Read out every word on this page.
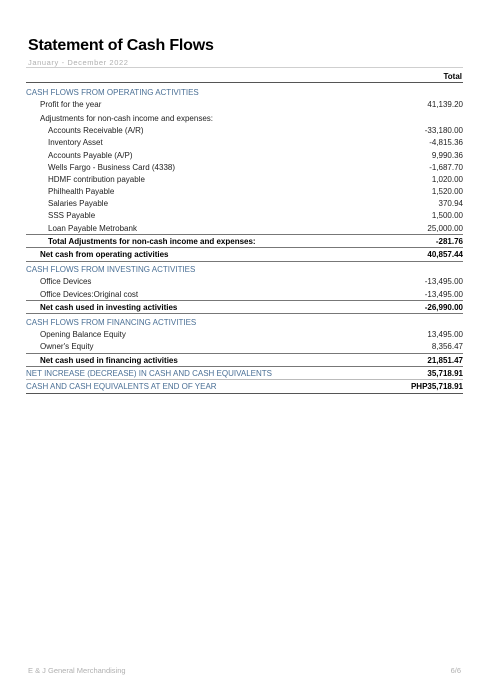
Statement of Cash Flows
January - December 2022
Total
CASH FLOWS FROM OPERATING ACTIVITIES
Profit for the year	41,139.20
Adjustments for non-cash income and expenses:
Accounts Receivable (A/R)	-33,180.00
Inventory Asset	-4,815.36
Accounts Payable (A/P)	9,990.36
Wells Fargo - Business Card (4338)	-1,687.70
HDMF contribution payable	1,020.00
Philhealth Payable	1,520.00
Salaries Payable	370.94
SSS Payable	1,500.00
Loan Payable Metrobank	25,000.00
Total Adjustments for non-cash income and expenses:	-281.76
Net cash from operating activities	40,857.44
CASH FLOWS FROM INVESTING ACTIVITIES
Office Devices	-13,495.00
Office Devices:Original cost	-13,495.00
Net cash used in investing activities	-26,990.00
CASH FLOWS FROM FINANCING ACTIVITIES
Opening Balance Equity	13,495.00
Owner's Equity	8,356.47
Net cash used in financing activities	21,851.47
NET INCREASE (DECREASE) IN CASH AND CASH EQUIVALENTS	35,718.91
CASH AND CASH EQUIVALENTS AT END OF YEAR	PHP35,718.91
E & J General Merchandising	6/6
